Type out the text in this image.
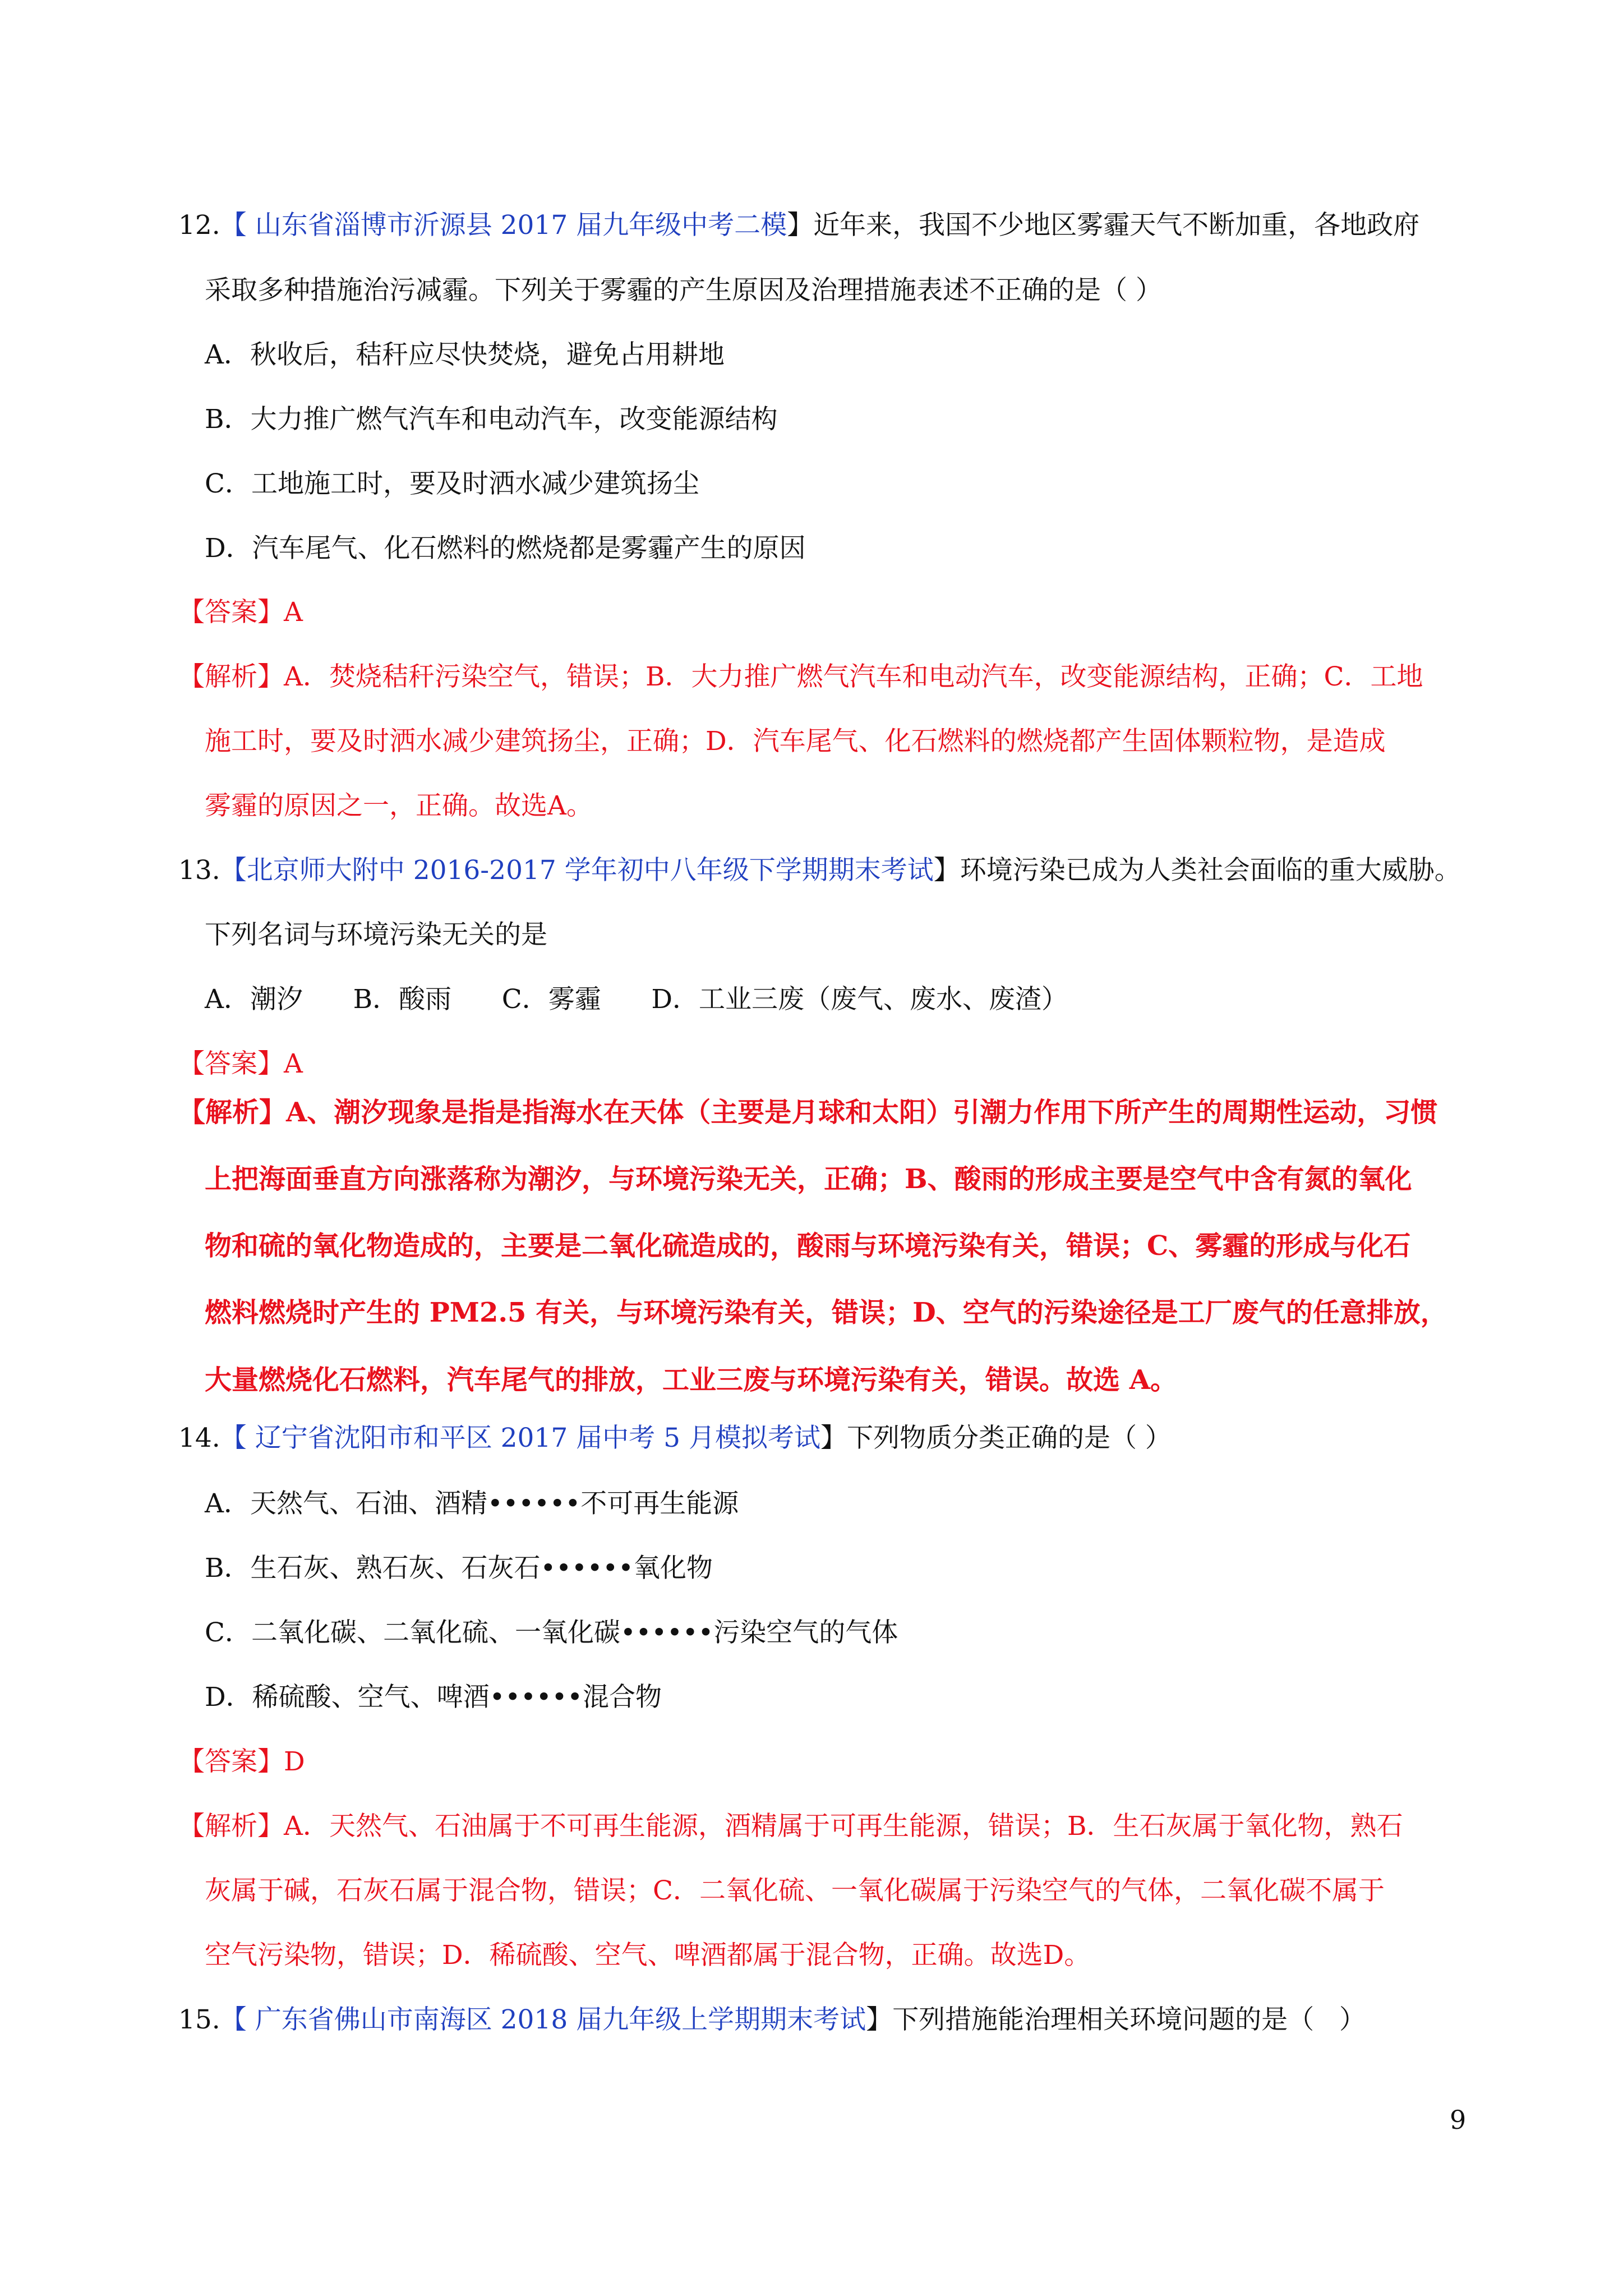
12.【 山东省淄博市沂源县 2017 届九年级中考二模】近年来，我国不少地区雾霾天气不断加重，各地政府

采取多种措施治污减霾。下列关于雾霾的产生原因及治理措施表述不正确的是（ ）

A．秋收后，秸秆应尽快焚烧，避免占用耕地

B．大力推广燃气汽车和电动汽车，改变能源结构

C．工地施工时，要及时洒水减少建筑扬尘

D．汽车尾气、化石燃料的燃烧都是雾霾产生的原因

【答案】A

【解析】A．焚烧秸秆污染空气，错误；B．大力推广燃气汽车和电动汽车，改变能源结构，正确；C．工地

施工时，要及时洒水减少建筑扬尘，正确；D．汽车尾气、化石燃料的燃烧都产生固体颗粒物，是造成

雾霾的原因之一，正确。故选A。

13.【北京师大附中 2016-2017 学年初中八年级下学期期末考试】环境污染已成为人类社会面临的重大威胁。

下列名词与环境污染无关的是

A．潮汐      B．酸雨      C．雾霾      D．工业三废（废气、废水、废渣）

【答案】A

【解析】A、潮汐现象是指是指海水在天体（主要是月球和太阳）引潮力作用下所产生的周期性运动，习惯

上把海面垂直方向涨落称为潮汐，与环境污染无关，正确；B、酸雨的形成主要是空气中含有氮的氧化

物和硫的氧化物造成的，主要是二氧化硫造成的，酸雨与环境污染有关，错误；C、雾霾的形成与化石

燃料燃烧时产生的 PM2.5 有关，与环境污染有关，错误；D、空气的污染途径是工厂废气的任意排放，

大量燃烧化石燃料，汽车尾气的排放，工业三废与环境污染有关，错误。故选 A。

14.【 辽宁省沈阳市和平区 2017 届中考 5 月模拟考试】下列物质分类正确的是（ ）

A．天然气、石油、酒精••••••不可再生能源

B．生石灰、熟石灰、石灰石••••••氧化物

C．二氧化碳、二氧化硫、一氧化碳••••••污染空气的气体

D．稀硫酸、空气、啤酒••••••混合物

【答案】D

【解析】A．天然气、石油属于不可再生能源，酒精属于可再生能源，错误；B．生石灰属于氧化物，熟石

灰属于碱，石灰石属于混合物，错误；C．二氧化硫、一氧化碳属于污染空气的气体，二氧化碳不属于

空气污染物，错误；D．稀硫酸、空气、啤酒都属于混合物，正确。故选D。

15.【 广东省佛山市南海区 2018 届九年级上学期期末考试】下列措施能治理相关环境问题的是（   ）

9
